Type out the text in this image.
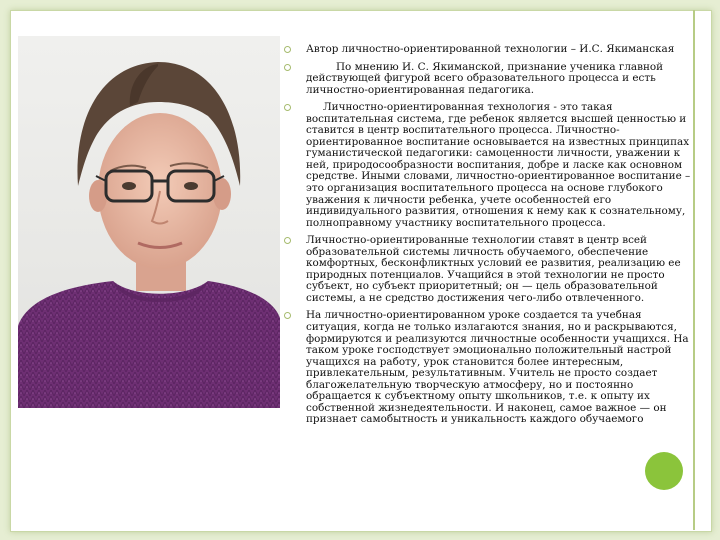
Автор личностно-ориентированной технологии – И.С. Якиманская
По мнению И. С. Якиманской, признание ученика главной действующей фигурой всего образовательного процесса и есть личностно-ориентированная педагогика.
Личностно-ориентированная технология - это такая воспитательная система, где ребенок является высшей ценностью и ставится в центр воспитательного процесса. Личностно-ориентированное воспитание основывается на известных принципах гуманистической педагогики: самоценности личности, уважении к ней, природосообразности воспитания, добре и ласке как основном средстве. Иными словами, личностно-ориентированное воспитание – это организация воспитательного процесса на основе глубокого уважения к личности ребенка, учете особенностей его индивидуального развития, отношения к нему как к сознательному, полноправному участнику воспитательного процесса.
Личностно-ориентированные технологии ставят в центр всей образовательной системы личность обучаемого, обеспечение комфортных, бесконфликтных условий ее развития, реализацию ее природных потенциалов. Учащийся в этой технологии не просто субъект, но субъект приоритетный; он — цель образовательной системы, а не средство достижения чего-либо отвлеченного.
На личностно-ориентированном уроке создается та учебная ситуация, когда не только излагаются знания, но и раскрываются, формируются и реализуются личностные особенности учащихся. На таком уроке господствует эмоционально положительный настрой учащихся на работу, урок становится более интересным, привлекательным, результативным. Учитель не просто создает благожелательную творческую атмосферу, но и постоянно обращается к субъектному опыту школьников, т.е. к опыту их собственной жизнедеятельности. И наконец, самое важное — он признает самобытность и уникальность каждого обучаемого
